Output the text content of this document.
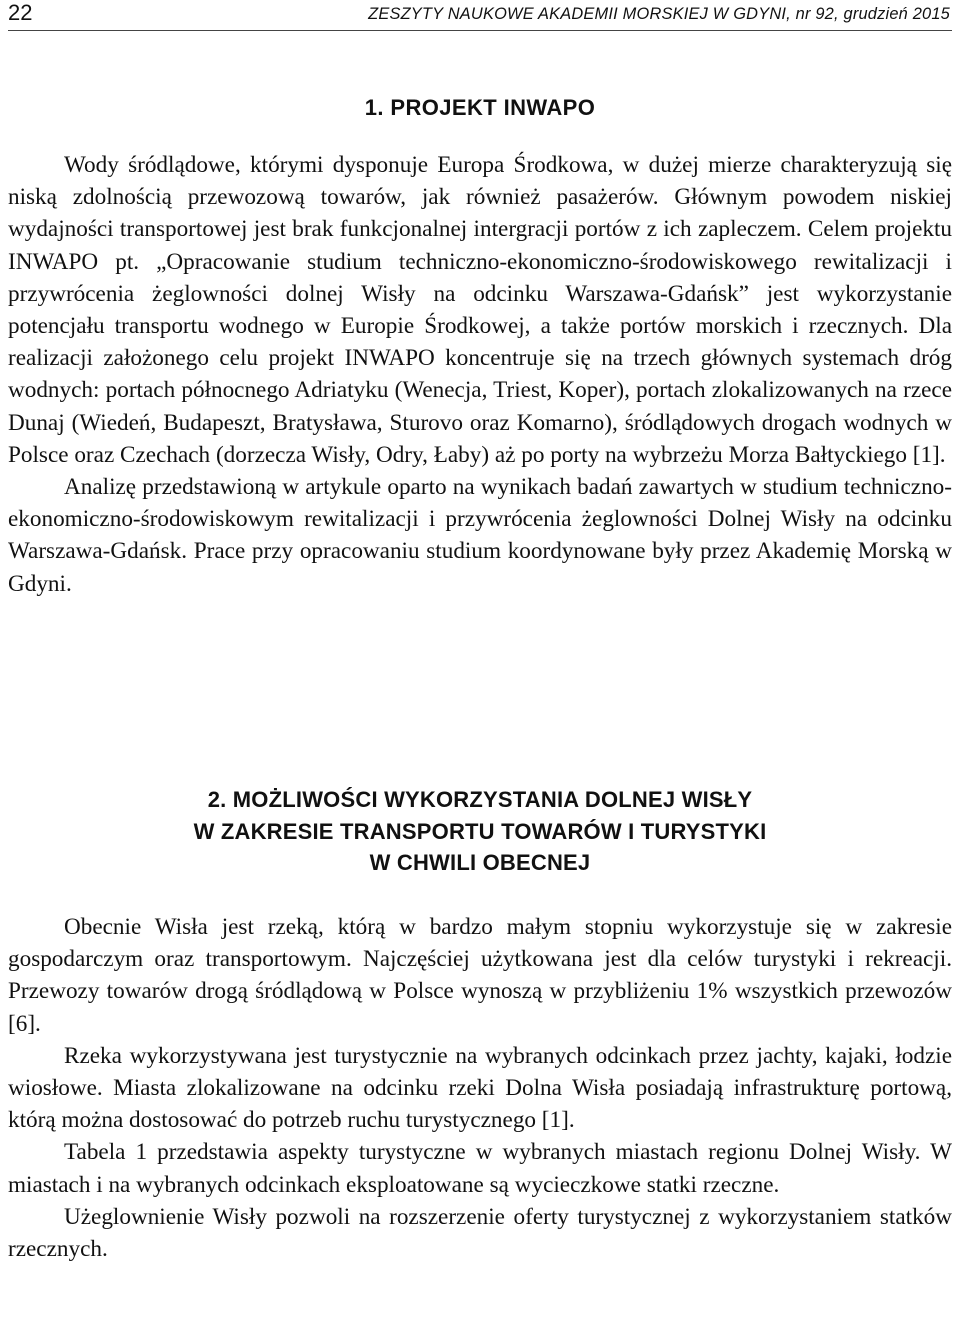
22	ZESZYTY NAUKOWE AKADEMII MORSKIEJ W GDYNI, nr 92, grudzień 2015
1. PROJEKT INWAPO

Wody śródlądowe, którymi dysponuje Europa Środkowa, w dużej mierze charakteryzują się niską zdolnością przewozową towarów, jak również pasażerów. Głównym powodem niskiej wydajności transportowej jest brak funkcjonalnej intergracji portów z ich zapleczem. Celem projektu INWAPO pt. „Opracowanie studium techniczno-ekonomiczno-środowiskowego rewitalizacji i przywrócenia żeglowności dolnej Wisły na odcinku Warszawa-Gdańsk” jest wykorzystanie potencjału transportu wodnego w Europie Środkowej, a także portów morskich i rzecznych. Dla realizacji założonego celu projekt INWAPO koncentruje się na trzech głównych systemach dróg wodnych: portach północnego Adriatyku (Wenecja, Triest, Koper), portach zlokalizowanych na rzece Dunaj (Wiedeń, Budapeszt, Bratysława, Sturovo oraz Komarno), śródlądowych drogach wodnych w Polsce oraz Czechach (dorzecza Wisły, Odry, Łaby) aż po porty na wybrzeżu Morza Bałtyckiego [1].

Analizę przedstawioną w artykule oparto na wynikach badań zawartych w studium techniczno-ekonomiczno-środowiskowym rewitalizacji i przywrócenia żeglowności Dolnej Wisły na odcinku Warszawa-Gdańsk. Prace przy opracowaniu studium koordynowane były przez Akademię Morską w Gdyni.

2. MOŻLIWOŚCI WYKORZYSTANIA DOLNEJ WISŁY
W ZAKRESIE TRANSPORTU TOWARÓW I TURYSTYKI
W CHWILI OBECNEJ

Obecnie Wisła jest rzeką, którą w bardzo małym stopniu wykorzystuje się w zakresie gospodarczym oraz transportowym. Najczęściej użytkowana jest dla celów turystyki i rekreacji. Przewozy towarów drogą śródlądową w Polsce wynoszą w przybliżeniu 1% wszystkich przewozów [6].

Rzeka wykorzystywana jest turystycznie na wybranych odcinkach przez jachty, kajaki, łodzie wiosłowe. Miasta zlokalizowane na odcinku rzeki Dolna Wisła posiadają infrastrukturę portową, którą można dostosować do potrzeb ruchu turystycznego [1].

Tabela 1 przedstawia aspekty turystyczne w wybranych miastach regionu Dolnej Wisły. W miastach i na wybranych odcinkach eksploatowane są wycieczkowe statki rzeczne.

Użeglownienie Wisły pozwoli na rozszerzenie oferty turystycznej z wykorzystaniem statków rzecznych.
